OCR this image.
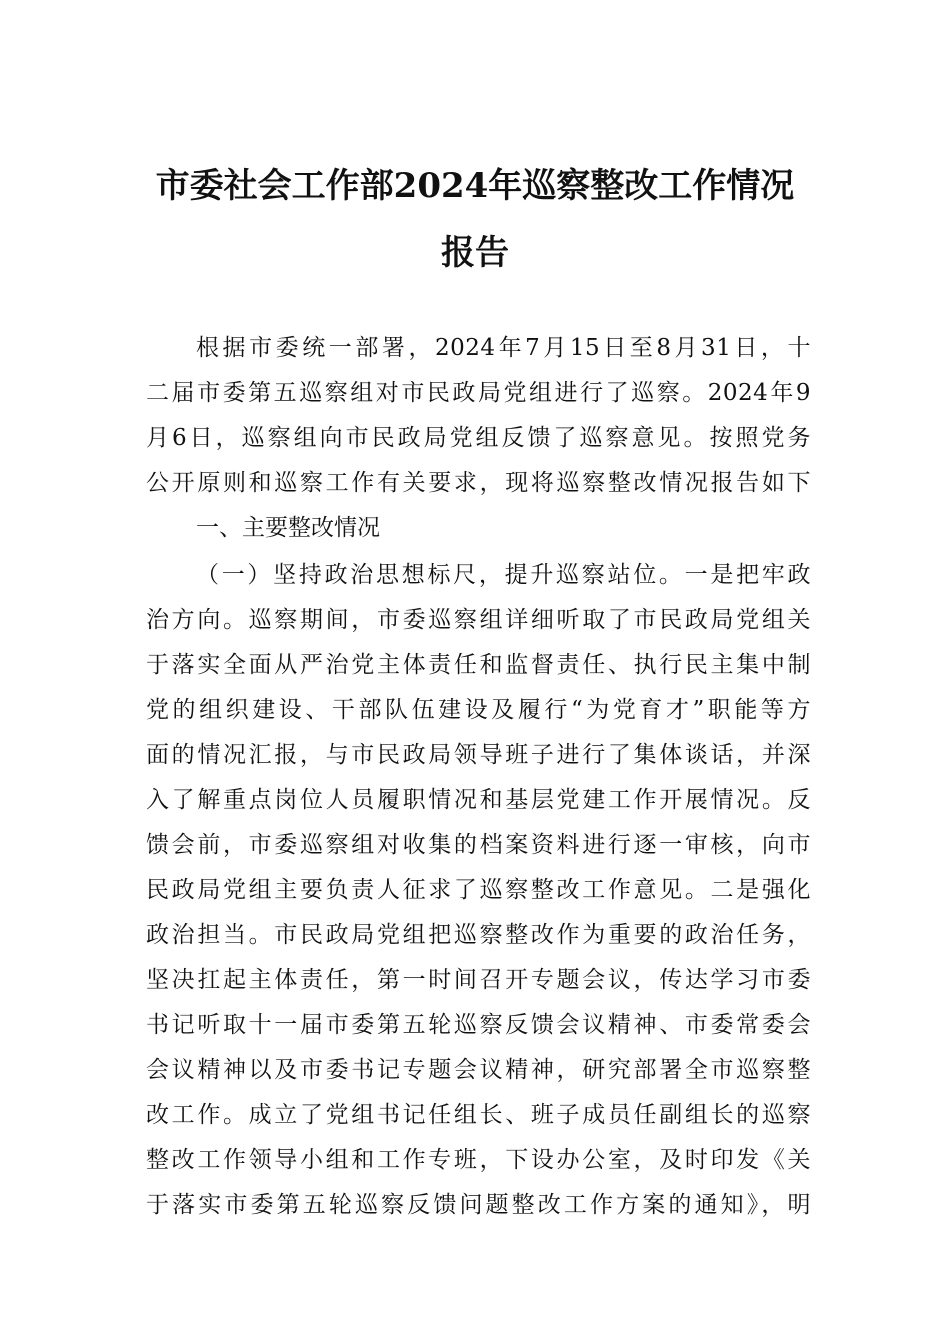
市委社会工作部2024年巡察整改工作情况
报告
根据市委统一部署，2024年7月15日至8月31日，十
二届市委第五巡察组对市民政局党组进行了巡察。2024年9
月6日，巡察组向市民政局党组反馈了巡察意见。按照党务
公开原则和巡察工作有关要求，现将巡察整改情况报告如下
一、主要整改情况
（一）坚持政治思想标尺，提升巡察站位。一是把牢政
治方向。巡察期间，市委巡察组详细听取了市民政局党组关
于落实全面从严治党主体责任和监督责任、执行民主集中制
党的组织建设、干部队伍建设及履行“为党育才”职能等方
面的情况汇报，与市民政局领导班子进行了集体谈话，并深
入了解重点岗位人员履职情况和基层党建工作开展情况。反
馈会前，市委巡察组对收集的档案资料进行逐一审核，向市
民政局党组主要负责人征求了巡察整改工作意见。二是强化
政治担当。市民政局党组把巡察整改作为重要的政治任务，
坚决扛起主体责任，第一时间召开专题会议，传达学习市委
书记听取十一届市委第五轮巡察反馈会议精神、市委常委会
会议精神以及市委书记专题会议精神，研究部署全市巡察整
改工作。成立了党组书记任组长、班子成员任副组长的巡察
整改工作领导小组和工作专班，下设办公室，及时印发《关
于落实市委第五轮巡察反馈问题整改工作方案的通知》，明
